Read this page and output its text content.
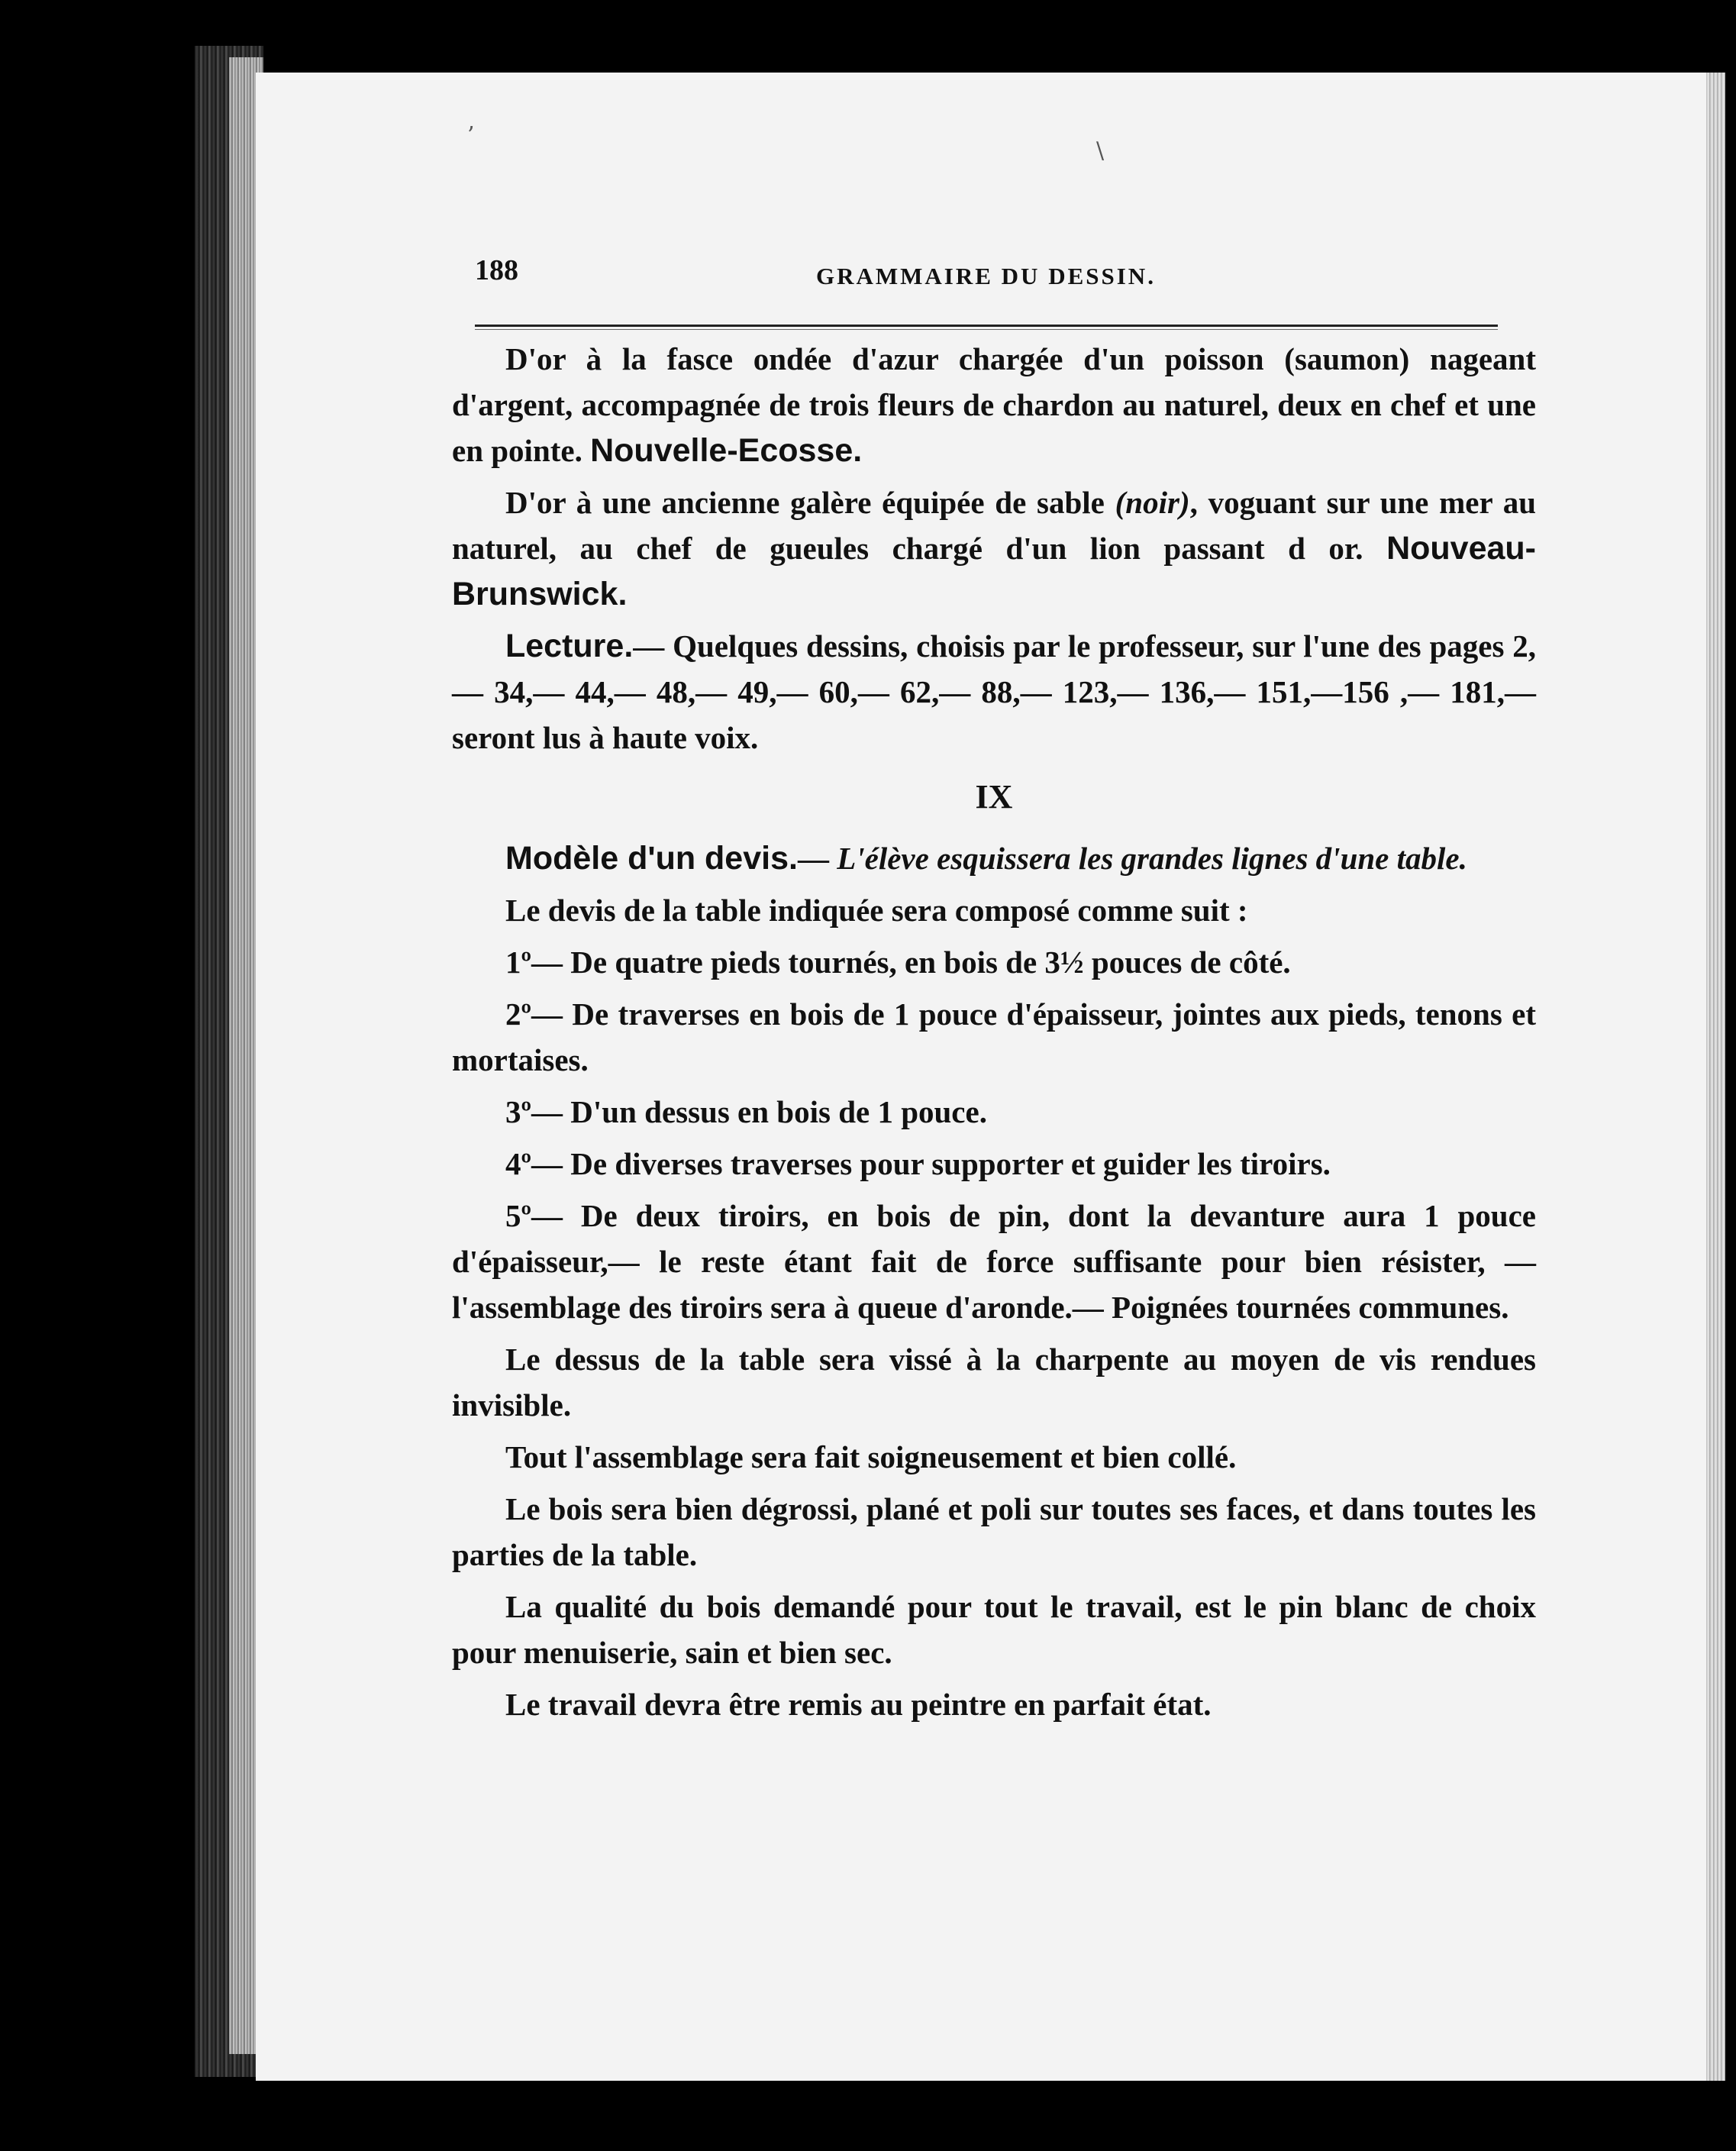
’
\
188	GRAMMAIRE DU DESSIN.

D'or à la fasce ondée d'azur chargée d'un poisson (saumon) nageant d'argent, accompagnée de trois fleurs de chardon au naturel, deux en chef et une en pointe. Nouvelle-Ecosse.

D'or à une ancienne galère équipée de sable (noir), voguant sur une mer au naturel, au chef de gueules chargé d'un lion passant d or. Nouveau-Brunswick.

Lecture.— Quelques dessins, choisis par le professeur, sur l'une des pages 2,— 34,— 44,— 48,— 49,— 60,— 62,— 88,— 123,— 136,— 151,—156 ,— 181,— seront lus à haute voix.

IX

Modèle d'un devis.— L'élève esquissera les grandes lignes d'une table.

Le devis de la table indiquée sera composé comme suit :

1º— De quatre pieds tournés, en bois de 3½ pouces de côté.

2º— De traverses en bois de 1 pouce d'épaisseur, jointes aux pieds, tenons et mortaises.

3º— D'un dessus en bois de 1 pouce.

4º— De diverses traverses pour supporter et guider les tiroirs.

5º— De deux tiroirs, en bois de pin, dont la devanture aura 1 pouce d'épaisseur,— le reste étant fait de force suffisante pour bien résister, —l'assemblage des tiroirs sera à queue d'aronde.— Poignées tournées communes.

Le dessus de la table sera vissé à la charpente au moyen de vis rendues invisible.

Tout l'assemblage sera fait soigneusement et bien collé.

Le bois sera bien dégrossi, plané et poli sur toutes ses faces, et dans toutes les parties de la table.

La qualité du bois demandé pour tout le travail, est le pin blanc de choix pour menuiserie, sain et bien sec.

Le travail devra être remis au peintre en parfait état.
